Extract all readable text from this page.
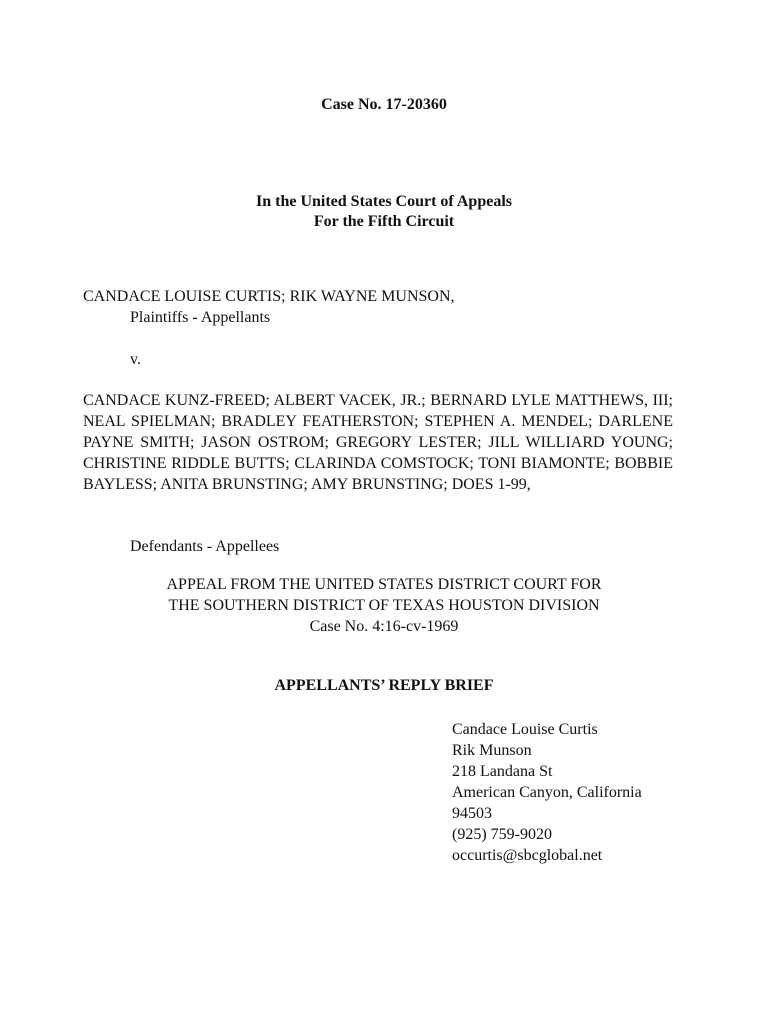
Case No. 17-20360
In the United States Court of Appeals
For the Fifth Circuit
CANDACE LOUISE CURTIS; RIK WAYNE MUNSON,
Plaintiffs - Appellants
v.
CANDACE KUNZ-FREED; ALBERT VACEK, JR.; BERNARD LYLE MATTHEWS, III; NEAL SPIELMAN; BRADLEY FEATHERSTON; STEPHEN A. MENDEL; DARLENE PAYNE SMITH; JASON OSTROM; GREGORY LESTER; JILL WILLIARD YOUNG; CHRISTINE RIDDLE BUTTS; CLARINDA COMSTOCK; TONI BIAMONTE; BOBBIE BAYLESS; ANITA BRUNSTING; AMY BRUNSTING; DOES 1-99,
Defendants - Appellees
APPEAL FROM THE UNITED STATES DISTRICT COURT FOR
THE SOUTHERN DISTRICT OF TEXAS HOUSTON DIVISION
Case No. 4:16-cv-1969
APPELLANTS’ REPLY BRIEF
Candace Louise Curtis
Rik Munson
218 Landana St
American Canyon, California
94503
(925) 759-9020
occurtis@sbcglobal.net
